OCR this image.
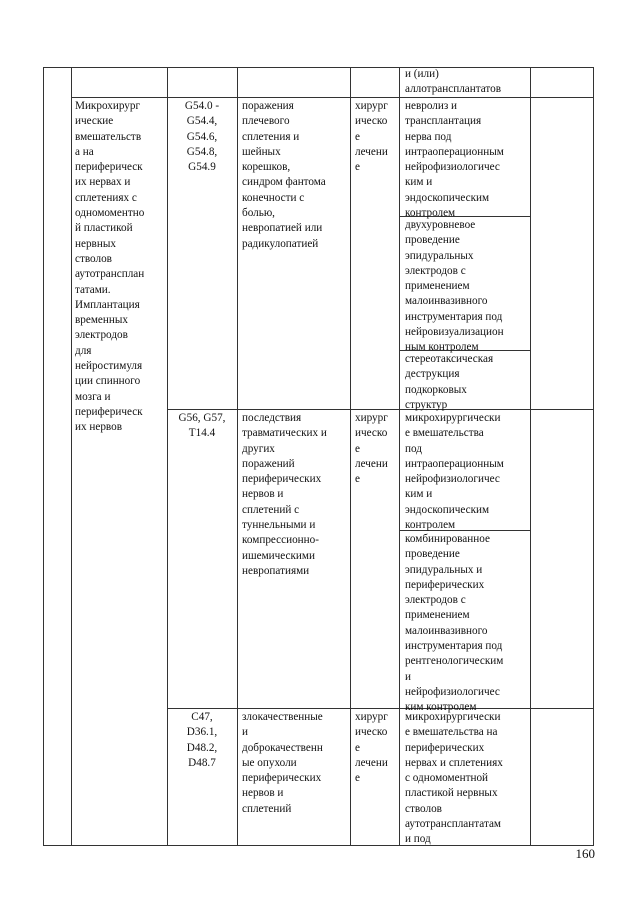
и (или)
аллотрансплантатов
Микрохирург
ические
вмешательств
а на
периферическ
их нервах и
сплетениях с
одномоментно
й пластикой
нервных
стволов
аутотрансплан
татами.
Имплантация
временных
электродов
для
нейростимуля
ции спинного
мозга и
периферическ
их нервов
G54.0 -
G54.4,
G54.6,
G54.8,
G54.9
поражения
плечевого
сплетения и
шейных
корешков,
синдром фантома
конечности с
болью,
невропатией или
радикулопатией
хирург
ическо
е
лечени
е
невролиз и
трансплантация
нерва под
интраоперационным
нейрофизиологичес
ким и
эндоскопическим
контролем
двухуровневое
проведение
эпидуральных
электродов с
применением
малоинвазивного
инструментария под
нейровизуализацион
ным контролем
стереотаксическая
деструкция
подкорковых
структур
G56, G57,
T14.4
последствия
травматических и
других
поражений
периферических
нервов и
сплетений с
туннельными и
компрессионно-
ишемическими
невропатиями
хирург
ическо
е
лечени
е
микрохирургически
е вмешательства
под
интраоперационным
нейрофизиологичес
ким и
эндоскопическим
контролем
комбинированное
проведение
эпидуральных и
периферических
электродов с
применением
малоинвазивного
инструментария под
рентгенологическим
и
нейрофизиологичес
ким контролем
C47,
D36.1,
D48.2,
D48.7
злокачественные
и
доброкачественн
ые опухоли
периферических
нервов и
сплетений
хирург
ическо
е
лечени
е
микрохирургически
е вмешательства на
периферических
нервах и сплетениях
с одномоментной
пластикой нервных
стволов
аутотрансплантатам
и под
160
